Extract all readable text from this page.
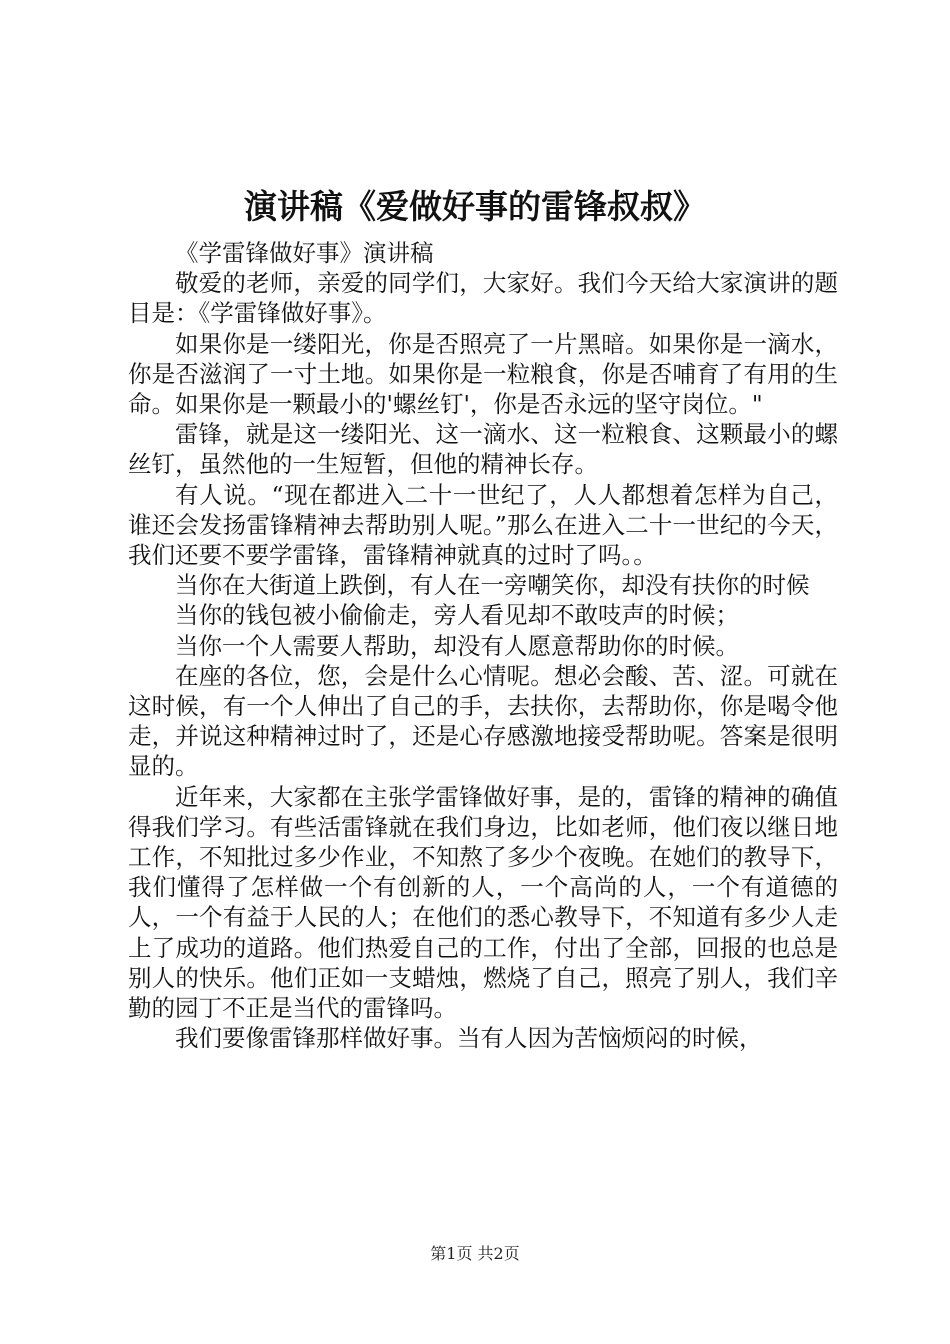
演讲稿《爱做好事的雷锋叔叔》

《学雷锋做好事》演讲稿

敬爱的老师，亲爱的同学们，大家好。我们今天给大家演讲的题目是：《学雷锋做好事》。

如果你是一缕阳光，你是否照亮了一片黑暗。如果你是一滴水，你是否滋润了一寸土地。如果你是一粒粮食，你是否哺育了有用的生命。如果你是一颗最小的'螺丝钉'，你是否永远的坚守岗位。"

雷锋，就是这一缕阳光、这一滴水、这一粒粮食、这颗最小的螺丝钉，虽然他的一生短暂，但他的精神长存。

有人说。“现在都进入二十一世纪了，人人都想着怎样为自己，谁还会发扬雷锋精神去帮助别人呢。”那么在进入二十一世纪的今天，我们还要不要学雷锋，雷锋精神就真的过时了吗。。

当你在大街道上跌倒，有人在一旁嘲笑你，却没有扶你的时候

当你的钱包被小偷偷走，旁人看见却不敢吱声的时候；

当你一个人需要人帮助，却没有人愿意帮助你的时候。

在座的各位，您，会是什么心情呢。想必会酸、苦、涩。可就在这时候，有一个人伸出了自己的手，去扶你，去帮助你，你是喝令他走，并说这种精神过时了，还是心存感激地接受帮助呢。答案是很明显的。

近年来，大家都在主张学雷锋做好事，是的，雷锋的精神的确值得我们学习。有些活雷锋就在我们身边，比如老师，他们夜以继日地工作，不知批过多少作业，不知熬了多少个夜晚。在她们的教导下，我们懂得了怎样做一个有创新的人，一个高尚的人，一个有道德的人，一个有益于人民的人；在他们的悉心教导下，不知道有多少人走上了成功的道路。他们热爱自己的工作，付出了全部，回报的也总是别人的快乐。他们正如一支蜡烛，燃烧了自己，照亮了别人，我们辛勤的园丁不正是当代的雷锋吗。

我们要像雷锋那样做好事。当有人因为苦恼烦闷的时候，

第1页 共2页
